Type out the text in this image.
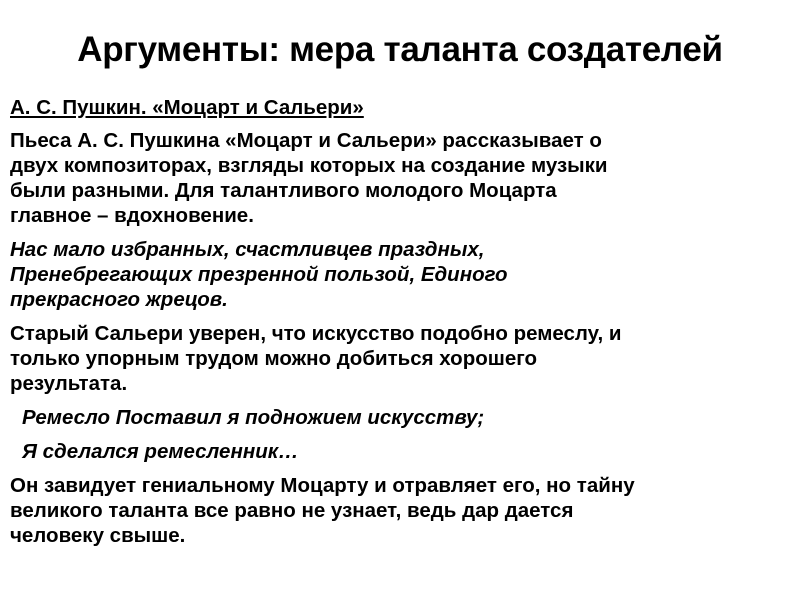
Аргументы: мера таланта создателей
А. С. Пушкин. «Моцарт и Сальери»
Пьеса А. С. Пушкина «Моцарт и Сальери» рассказывает о
двух композиторах, взгляды которых на создание музыки
были разными. Для талантливого молодого Моцарта
главное – вдохновение.
Нас мало избранных, счастливцев праздных,
Пренебрегающих презренной пользой, Единого
прекрасного жрецов.
Старый Сальери уверен, что искусство подобно ремеслу, и
только упорным трудом можно добиться хорошего
результата.
Ремесло Поставил я подножием искусству;
Я сделался ремесленник…
Он завидует гениальному Моцарту и отравляет его, но тайну
великого таланта все равно не узнает, ведь дар дается
человеку свыше.
